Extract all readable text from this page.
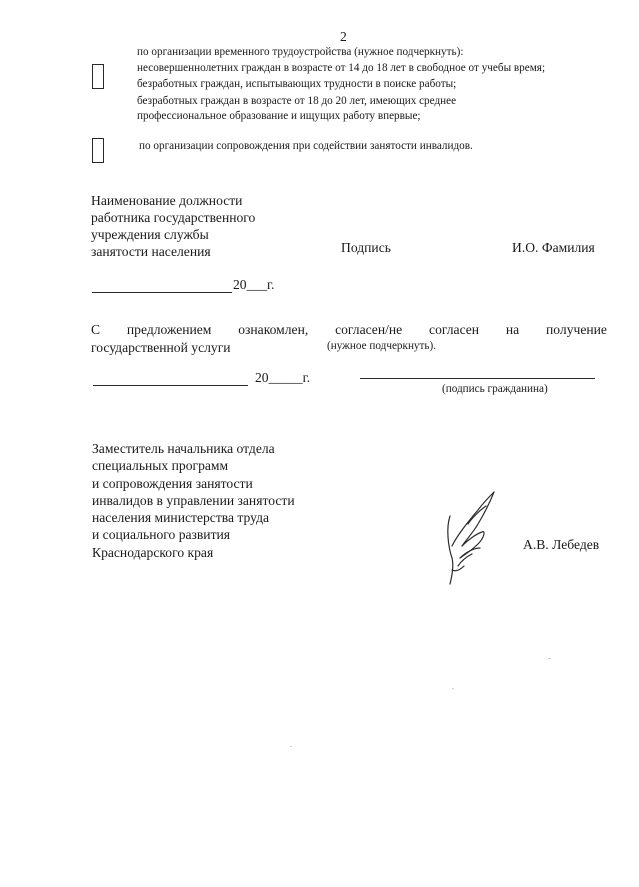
2
по организации временного трудоустройства (нужное подчеркнуть):
несовершеннолетних граждан в возрасте от 14 до 18 лет в свободное от учебы время;
безработных граждан, испытывающих трудности в поиске работы;
безработных граждан в возрасте от 18 до 20 лет, имеющих среднее
профессиональное образование и ищущих работу впервые;
по организации сопровождения при содействии занятости инвалидов.
Наименование должности
работника государственного
учреждения службы
занятости населения	Подпись	И.О. Фамилия
20___г.
С предложением ознакомлен, согласен/не согласен на получение
государственной услуги	(нужное подчеркнуть).
20_____г.
(подпись гражданина)
Заместитель начальника отдела
специальных программ
и сопровождения занятости
инвалидов в управлении занятости
населения министерства труда
и социального развития
Краснодарского края
А.В. Лебедев
